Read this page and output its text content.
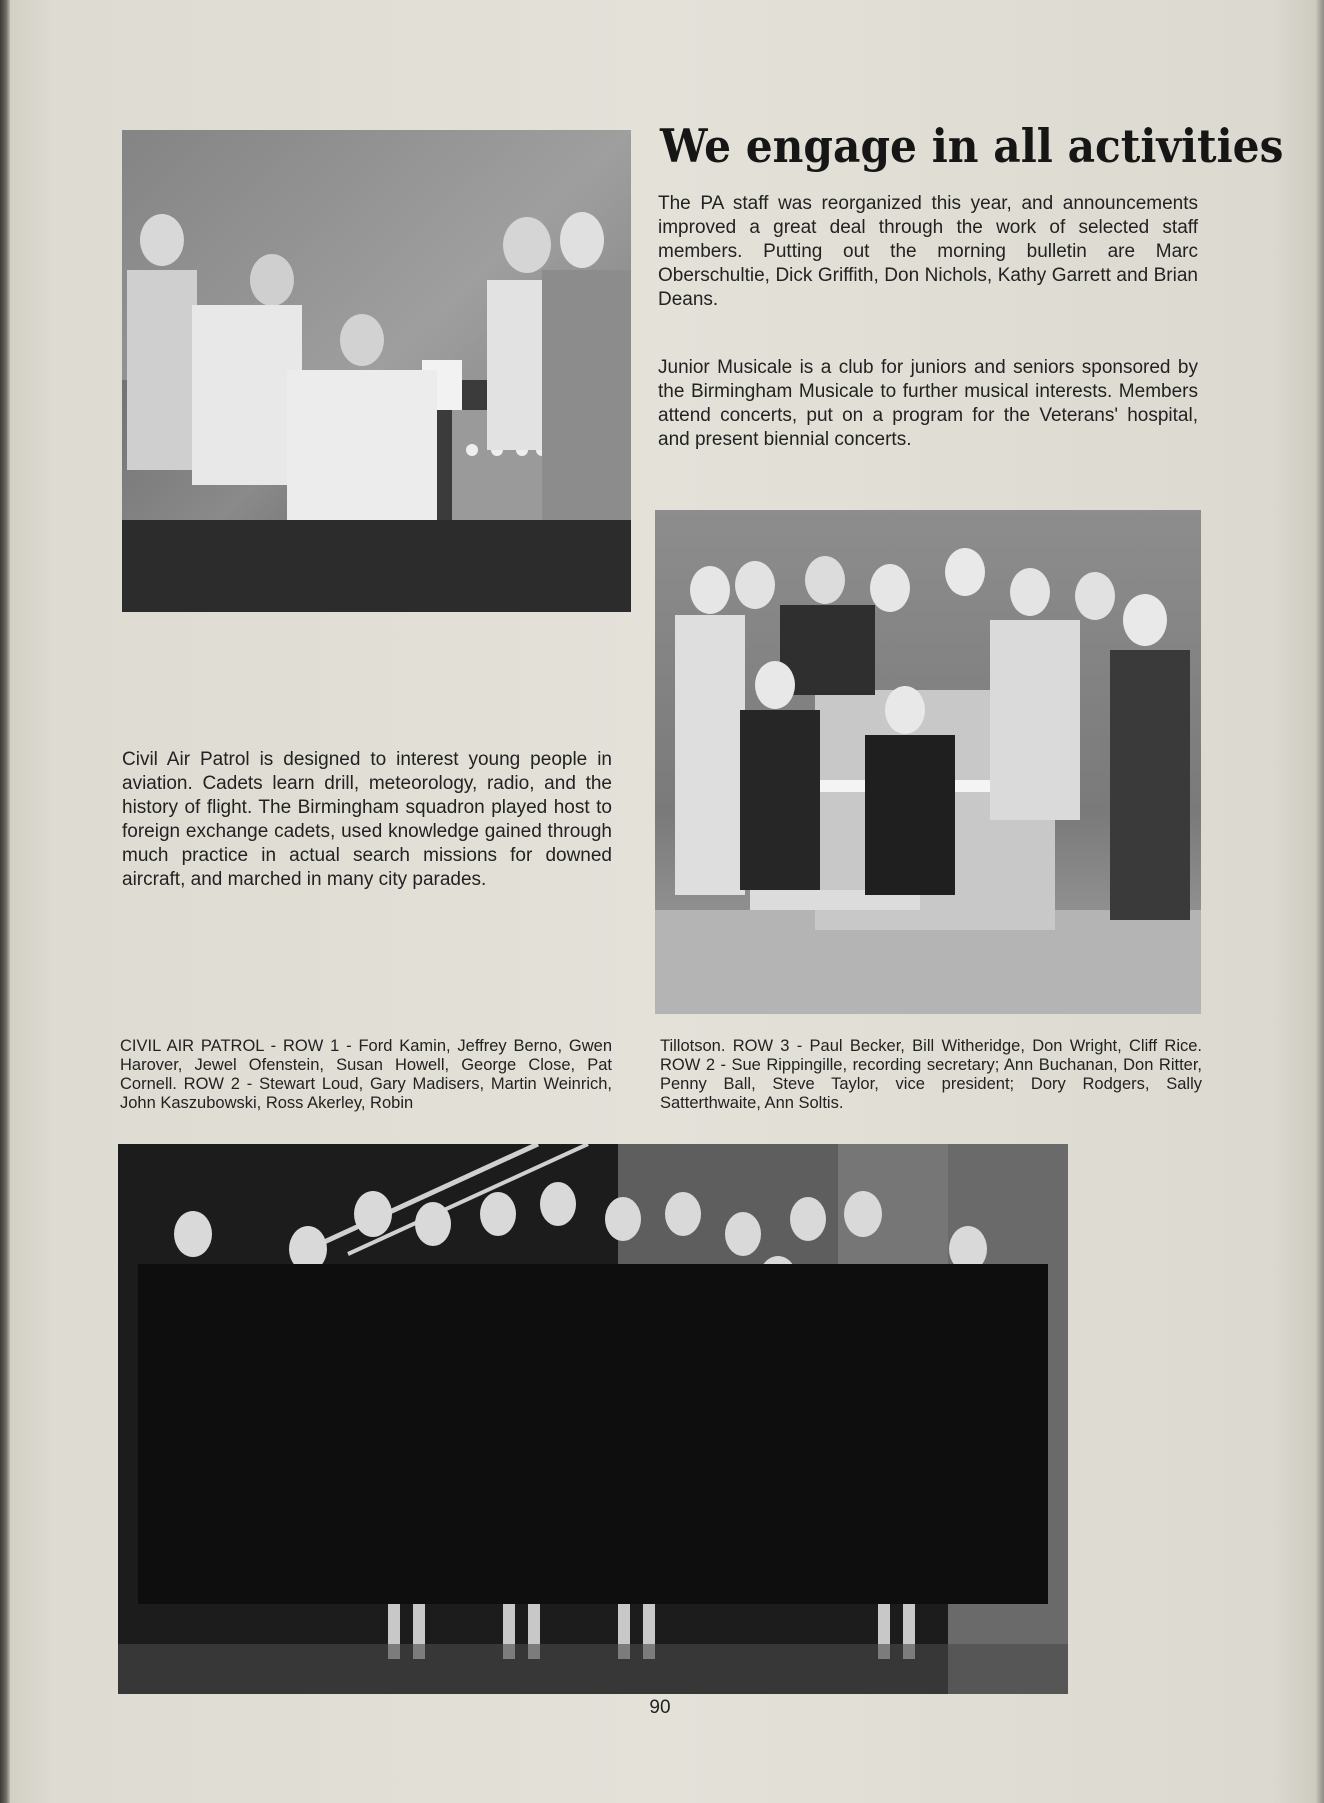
We engage in all activities
The PA staff was reorganized this year, and announcements improved a great deal through the work of selected staff members. Putting out the morning bulletin are Marc Oberschultie, Dick Griffith, Don Nichols, Kathy Garrett and Brian Deans.
Junior Musicale is a club for juniors and seniors sponsored by the Birmingham Musicale to further musical interests. Members attend concerts, put on a program for the Veterans' hospital, and present biennial concerts.
Civil Air Patrol is designed to interest young people in aviation. Cadets learn drill, meteorology, radio, and the history of flight. The Birmingham squadron played host to foreign exchange cadets, used knowledge gained through much practice in actual search missions for downed aircraft, and marched in many city parades.
CIVIL AIR PATROL - ROW 1 - Ford Kamin, Jeffrey Berno, Gwen Harover, Jewel Ofenstein, Susan Howell, George Close, Pat Cornell. ROW 2 - Stewart Loud, Gary Madisers, Martin Weinrich, John Kaszubowski, Ross Akerley, Robin
Tillotson. ROW 3 - Paul Becker, Bill Witheridge, Don Wright, Cliff Rice. ROW 2 - Sue Rippingille, recording secretary; Ann Buchanan, Don Ritter, Penny Ball, Steve Taylor, vice president; Dory Rodgers, Sally Satterthwaite, Ann Soltis.
90
